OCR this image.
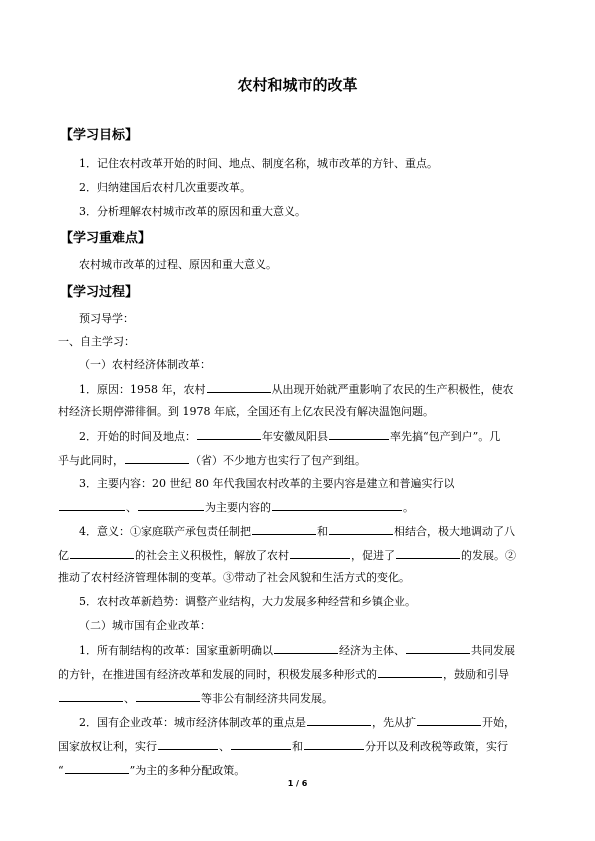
农村和城市的改革
【学习目标】
1．记住农村改革开始的时间、地点、制度名称，城市改革的方针、重点。
2．归纳建国后农村几次重要改革。
3．分析理解农村城市改革的原因和重大意义。
【学习重难点】
农村城市改革的过程、原因和重大意义。
【学习过程】
预习导学：
一、自主学习：
（一）农村经济体制改革：
1．原因：1958 年，农村	从出现开始就严重影响了农民的生产积极性，使农
村经济长期停滞徘徊。到 1978 年底，全国还有上亿农民没有解决温饱问题。
2．开始的时间及地点：	年安徽凤阳县	率先搞“包产到户”。几
乎与此同时，	（省）不少地方也实行了包产到组。
3．主要内容：20 世纪 80 年代我国农村改革的主要内容是建立和普遍实行以
、	为主要内容的	。
4．意义：①家庭联产承包责任制把	和	相结合，极大地调动了八
亿	的社会主义积极性，解放了农村	，促进了	的发展。②
推动了农村经济管理体制的变革。③带动了社会风貌和生活方式的变化。
5．农村改革新趋势：调整产业结构，大力发展多种经营和乡镇企业。
（二）城市国有企业改革：
1．所有制结构的改革：国家重新明确以	经济为主体、	共同发展
的方针，在推进国有经济改革和发展的同时，积极发展多种形式的	，鼓励和引导
、	等非公有制经济共同发展。
2．国有企业改革：城市经济体制改革的重点是	，先从扩	开始，
国家放权让利，实行	、	和	分开以及利改税等政策，实行
“	”为主的多种分配政策。
1 / 6
